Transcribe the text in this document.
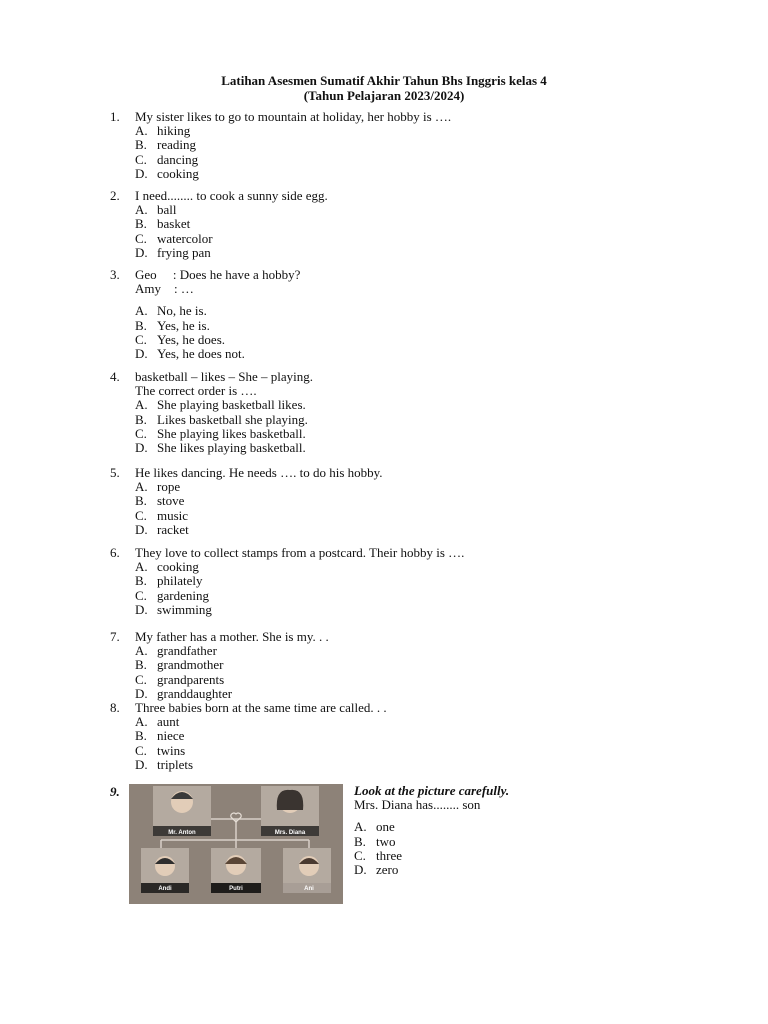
Latihan Asesmen Sumatif Akhir Tahun Bhs Inggris kelas 4
(Tahun Pelajaran 2023/2024)
1.	My sister likes to go to mountain at holiday, her hobby is ….
A. hiking
B. reading
C. dancing
D. cooking
2.	I need........ to cook a sunny side egg.
A. ball
B. basket
C. watercolor
D. frying pan
3.	Geo     : Does he have a hobby?
Amy    : …
A. No, he is.
B. Yes, he is.
C. Yes, he does.
D. Yes, he does not.
4.	basketball – likes – She – playing.
The correct order is ….
A. She playing basketball likes.
B. Likes basketball she playing.
C. She playing likes basketball.
D. She likes playing basketball.
5.	He likes dancing. He needs …. to do his hobby.
A. rope
B. stove
C. music
D. racket
6.	They love to collect stamps from a postcard. Their hobby is ….
A. cooking
B. philately
C. gardening
D. swimming
7.	My father has a mother. She is my. . .
A. grandfather
B. grandmother
C. grandparents
D. granddaughter
8.	Three babies born at the same time are called. . .
A. aunt
B. niece
C. twins
D. triplets
9.
Mr. Anton	Mrs. Diana
Andi	Putri	Ani
Look at the picture carefully.
Mrs. Diana has........ son
A. one
B. two
C. three
D. zero
